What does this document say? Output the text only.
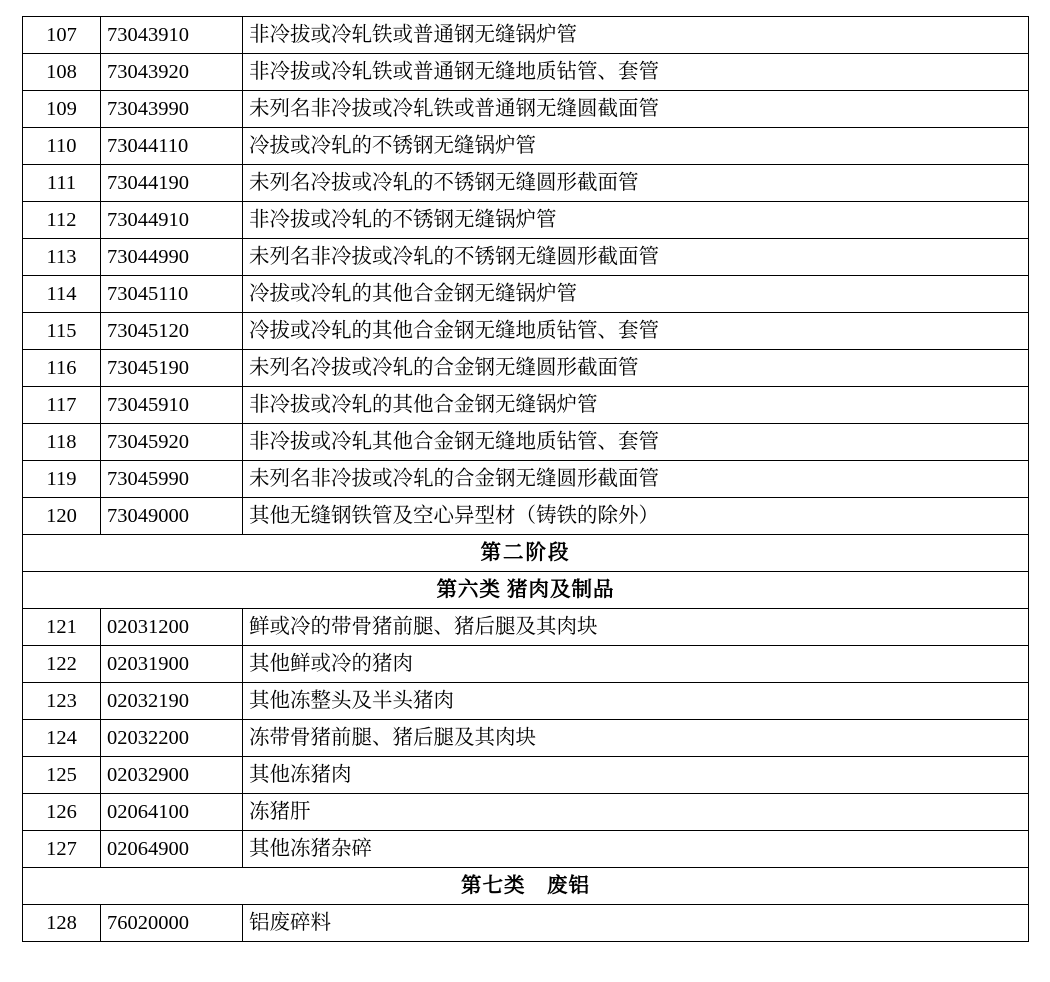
107	73043910	非冷拔或冷轧铁或普通钢无缝锅炉管
108	73043920	非冷拔或冷轧铁或普通钢无缝地质钻管、套管
109	73043990	未列名非冷拔或冷轧铁或普通钢无缝圆截面管
110	73044110	冷拔或冷轧的不锈钢无缝锅炉管
111	73044190	未列名冷拔或冷轧的不锈钢无缝圆形截面管
112	73044910	非冷拔或冷轧的不锈钢无缝锅炉管
113	73044990	未列名非冷拔或冷轧的不锈钢无缝圆形截面管
114	73045110	冷拔或冷轧的其他合金钢无缝锅炉管
115	73045120	冷拔或冷轧的其他合金钢无缝地质钻管、套管
116	73045190	未列名冷拔或冷轧的合金钢无缝圆形截面管
117	73045910	非冷拔或冷轧的其他合金钢无缝锅炉管
118	73045920	非冷拔或冷轧其他合金钢无缝地质钻管、套管
119	73045990	未列名非冷拔或冷轧的合金钢无缝圆形截面管
120	73049000	其他无缝钢铁管及空心异型材（铸铁的除外）
第二阶段		
第六类 猪肉及制品		
121	02031200	鲜或冷的带骨猪前腿、猪后腿及其肉块
122	02031900	其他鲜或冷的猪肉
123	02032190	其他冻整头及半头猪肉
124	02032200	冻带骨猪前腿、猪后腿及其肉块
125	02032900	其他冻猪肉
126	02064100	冻猪肝
127	02064900	其他冻猪杂碎
第七类　废铝		
128	76020000	铝废碎料
